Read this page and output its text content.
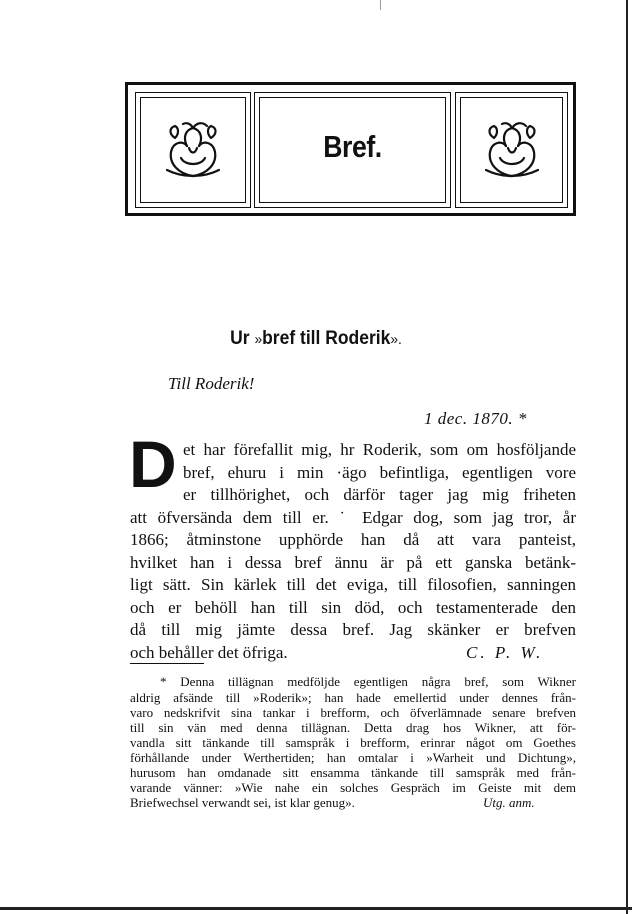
Bref.
Ur »bref till Roderik».
Till Roderik!
1 dec. 1870. *
D et har förefallit mig, hr Roderik, som om hosföljande
bref, ehuru i min ·ägo befintliga, egentligen vore
er tillhörighet, och därför tager jag mig friheten
att öfversända dem till er. ˙ Edgar dog, som jag tror, år
1866; åtminstone upphörde han då att vara panteist,
hvilket han i dessa bref ännu är på ett ganska betänk-
ligt sätt. Sin kärlek till det eviga, till filosofien, sanningen
och er behöll han till sin död, och testamenterade den
då till mig jämte dessa bref. Jag skänker er brefven
C. P. W.
* Denna tillägnan medföljde egentligen några bref, som Wikner
aldrig afsände till »Roderik»; han hade emellertid under dennes från-
varo nedskrifvit sina tankar i brefform, och öfverlämnade senare brefven
till sin vän med denna tillägnan. Detta drag hos Wikner, att för-
vandla sitt tänkande till samspråk i brefform, erinrar något om Goethes
förhållande under Werthertiden; han omtalar i »Warheit und Dichtung»,
hurusom han omdanade sitt ensamma tänkande till samspråk med från-
varande vänner: »Wie nahe ein solches Gespräch im Geiste mit dem
Briefwechsel verwandt sei, ist klar genug».	Utg. anm.
och behåller det öfriga.
